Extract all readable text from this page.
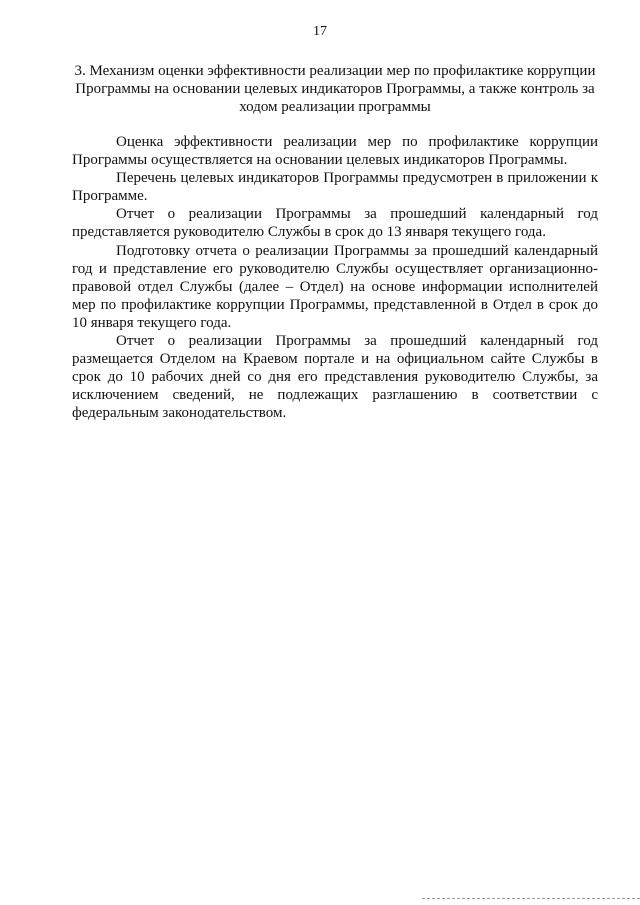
17
3. Механизм оценки эффективности реализации мер по профилактике коррупции Программы на основании целевых индикаторов Программы, а также контроль за ходом реализации программы

Оценка эффективности реализации мер по профилактике коррупции Программы осуществляется на основании целевых индикаторов Программы.

Перечень целевых индикаторов Программы предусмотрен в приложении к Программе.

Отчет о реализации Программы за прошедший календарный год представляется руководителю Службы в срок до 13 января текущего года.

Подготовку отчета о реализации Программы за прошедший календарный год и представление его руководителю Службы осуществляет организационно-правовой отдел Службы (далее – Отдел) на основе информации исполнителей мер по профилактике коррупции Программы, представленной в Отдел в срок до 10 января текущего года.

Отчет о реализации Программы за прошедший календарный год размещается Отделом на Краевом портале и на официальном сайте Службы в срок до 10 рабочих дней со дня его представления руководителю Службы, за исключением сведений, не подлежащих разглашению в соответствии с федеральным законодательством.
